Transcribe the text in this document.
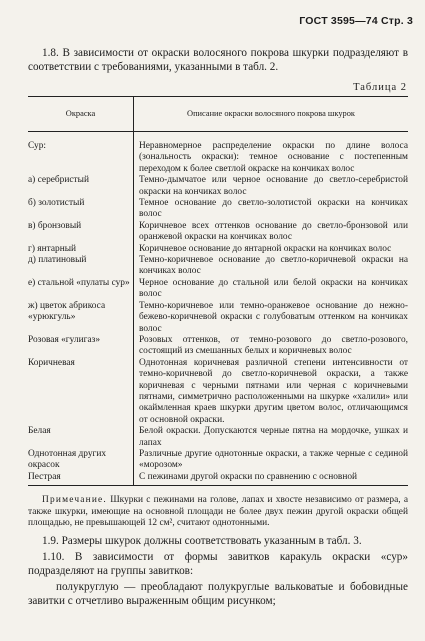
ГОСТ 3595—74 Стр. 3
1.8. В зависимости от окраски волосяного покрова шкурки подразделяют в соответствии с требованиями, указанными в табл. 2.
Таблица 2
Окраска	Описание окраски волосяного покрова шкурок
Сур:	Неравномерное распределение окраски по длине волоса (зональность окраски): темное основание с постепенным переходом к более светлой окраске на кончиках волос
а) серебристый	Темно-дымчатое или черное основание до светло-серебристой окраски на кончиках волос
б) золотистый	Темное основание до светло-золотистой окраски на кончиках волос
в) бронзовый	Коричневое всех оттенков основание до светло-бронзовой или оранжевой окраски на кончиках волос
г) янтарный	Коричневое основание до янтарной окраски на кончиках волос
д) платиновый	Темно-коричневое основание до светло-коричневой окраски на кончиках волос
е) стальной «пулаты сур»	Черное основание до стальной или белой окраски на кончиках волос
ж) цветок абрикоса «урюкгуль»	Темно-коричневое или темно-оранжевое основание до нежно-бежево-коричневой окраски с голубоватым оттенком на кончиках волос
Розовая «гулигаз»	Розовых оттенков, от темно-розового до светло-розового, состоящий из смешанных белых и коричневых волос
Коричневая	Однотонная коричневая различной степени интенсивности от темно-коричневой до светло-коричневой окраски, а также коричневая с черными пятнами или черная с коричневыми пятнами, симметрично расположенными на шкурке «халили» или окаймленная краев шкурки другим цветом волос, отличающимся от основной окраски.
Белая	Белой окраски. Допускаются черные пятна на мордочке, ушках и лапах
Однотонная других окрасок	Различные другие однотонные окраски, а также черные с сединой «морозом»
Пестрая	С пежинами другой окраски по сравнению с основной
Примечание. Шкурки с пежинами на голове, лапах и хвосте независимо от размера, а также шкурки, имеющие на основной площади не более двух пежин другой окраски общей площадью, не превышающей 12 см², считают однотонными.
1.9. Размеры шкурок должны соответствовать указанным в табл. 3.
1.10. В зависимости от формы завитков каракуль окраски «сур» подразделяют на группы завитков:
полукруглую — преобладают полукруглые вальковатые и бобовидные завитки с отчетливо выраженным общим рисунком;
